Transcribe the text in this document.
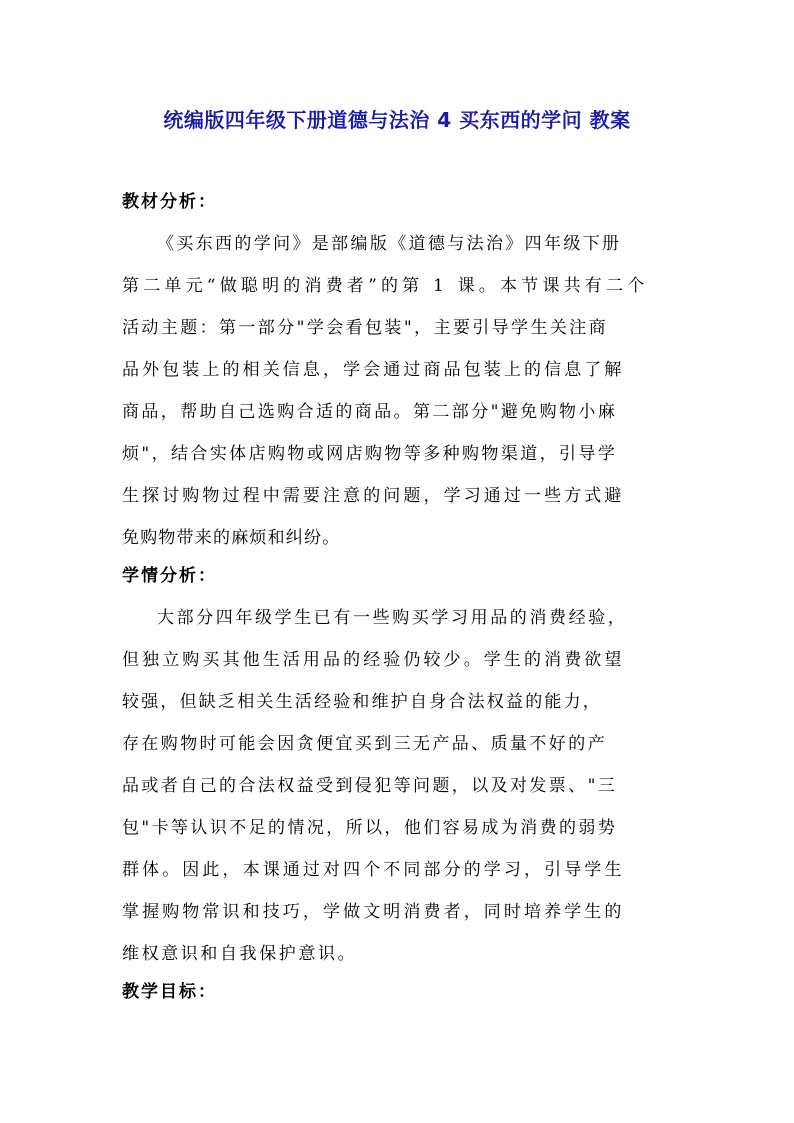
统编版四年级下册道德与法治 4 买东西的学问 教案
教材分析：
《买东西的学问》是部编版《道德与法治》四年级下册
第二单元“做聪明的消费者”的第 1 课。本节课共有二个
活动主题：第一部分"学会看包装"，主要引导学生关注商
品外包装上的相关信息，学会通过商品包装上的信息了解
商品，帮助自己选购合适的商品。第二部分"避免购物小麻
烦"，结合实体店购物或网店购物等多种购物渠道，引导学
生探讨购物过程中需要注意的问题，学习通过一些方式避
免购物带来的麻烦和纠纷。
学情分析：
大部分四年级学生已有一些购买学习用品的消费经验，
但独立购买其他生活用品的经验仍较少。学生的消费欲望
较强，但缺乏相关生活经验和维护自身合法权益的能力，
存在购物时可能会因贪便宜买到三无产品、质量不好的产
品或者自己的合法权益受到侵犯等问题，以及对发票、"三
包"卡等认识不足的情况，所以，他们容易成为消费的弱势
群体。因此，本课通过对四个不同部分的学习，引导学生
掌握购物常识和技巧，学做文明消费者，同时培养学生的
维权意识和自我保护意识。
教学目标：
